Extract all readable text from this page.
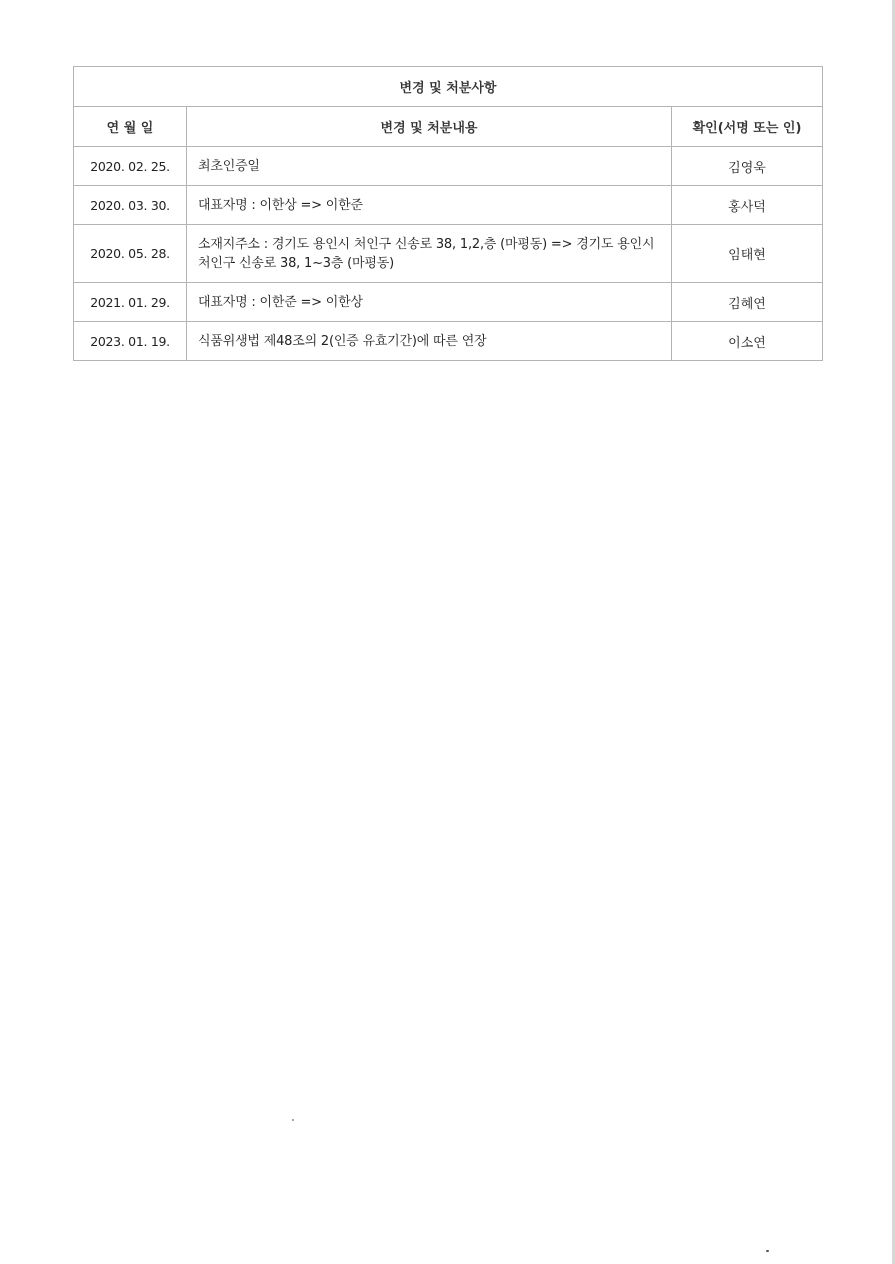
변경 및 처분사항		
연 월 일	변경 및 처분내용	확인(서명 또는 인)
2020. 02. 25.	최초인증일	김영욱
2020. 03. 30.	대표자명 : 이한상 => 이한준	홍사덕
2020. 05. 28.	소재지주소 : 경기도 용인시 처인구 신송로 38, 1,2,층 (마평동) => 경기도 용인시 처인구 신송로 38, 1~3층 (마평동)	임태현
2021. 01. 29.	대표자명 : 이한준 => 이한상	김혜연
2023. 01. 19.	식품위생법 제48조의 2(인증 유효기간)에 따른 연장	이소연
